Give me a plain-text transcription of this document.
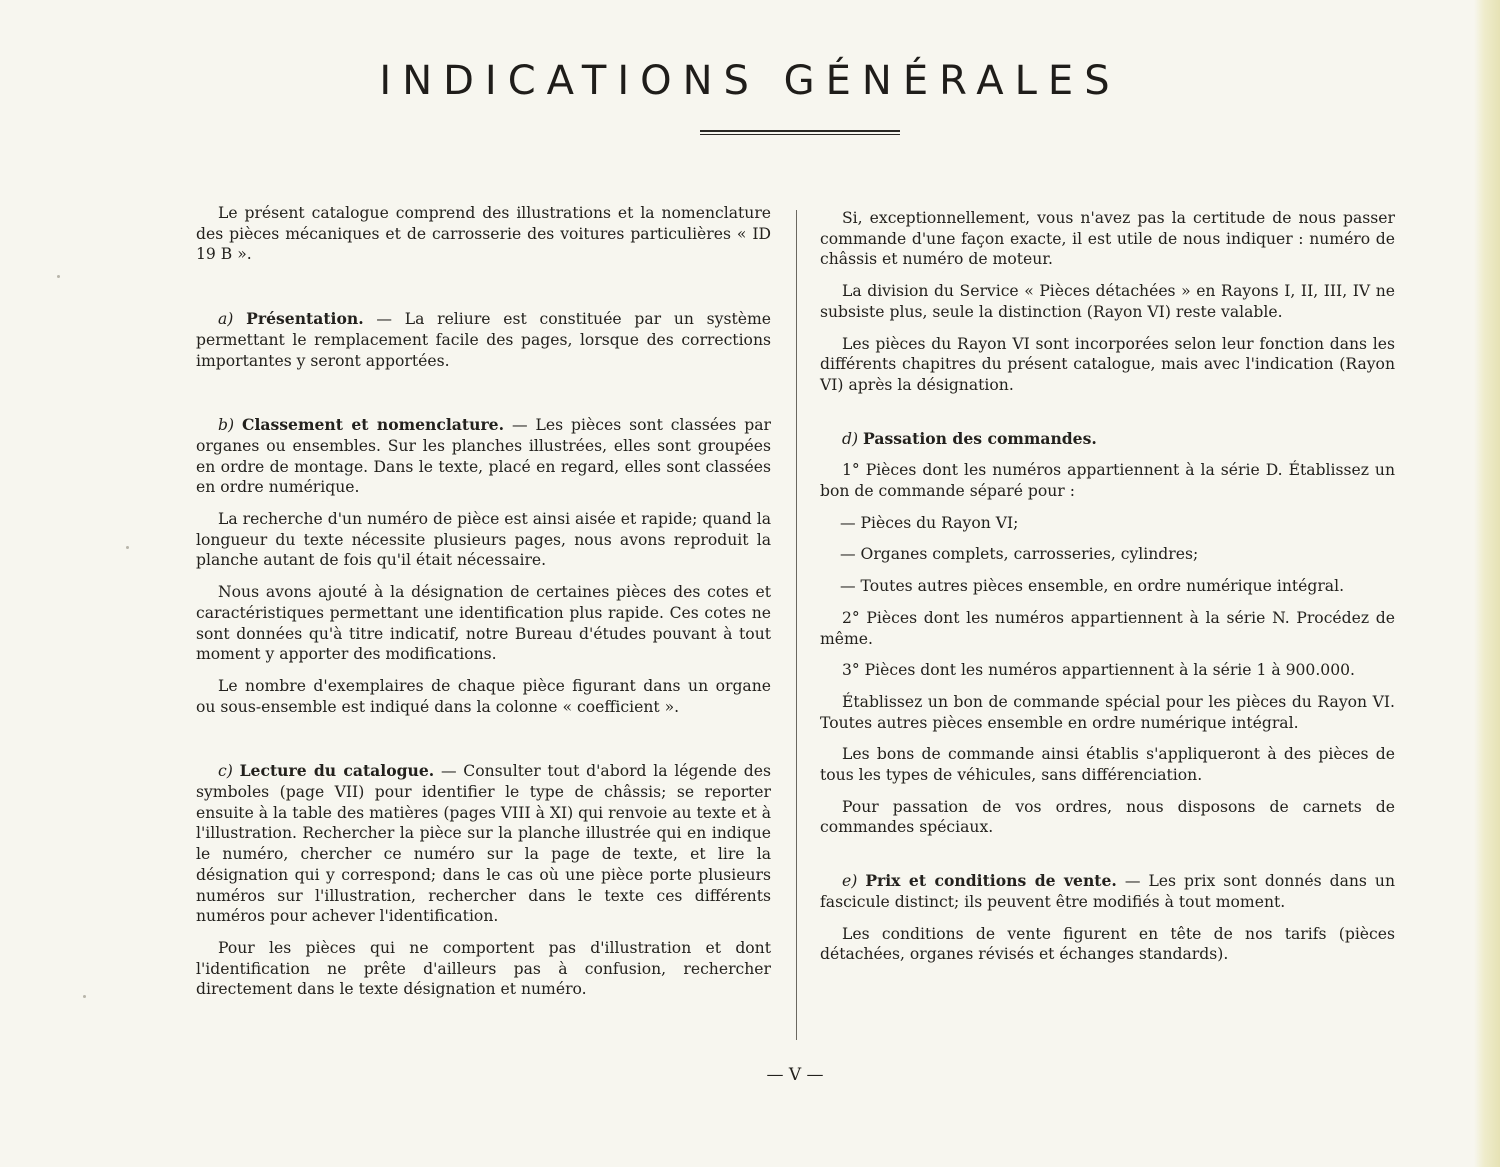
INDICATIONS GÉNÉRALES

Le présent catalogue comprend des illustrations et la nomenclature des pièces mécaniques et de carrosserie des voitures particulières « ID 19 B ».

a) Présentation. — La reliure est constituée par un système permettant le remplacement facile des pages, lorsque des corrections importantes y seront apportées.

b) Classement et nomenclature. — Les pièces sont classées par organes ou ensembles. Sur les planches illustrées, elles sont groupées en ordre de montage. Dans le texte, placé en regard, elles sont classées en ordre numérique.

La recherche d'un numéro de pièce est ainsi aisée et rapide; quand la longueur du texte nécessite plusieurs pages, nous avons reproduit la planche autant de fois qu'il était nécessaire.

Nous avons ajouté à la désignation de certaines pièces des cotes et caractéristiques permettant une identification plus rapide. Ces cotes ne sont données qu'à titre indicatif, notre Bureau d'études pouvant à tout moment y apporter des modifications.

Le nombre d'exemplaires de chaque pièce figurant dans un organe ou sous-ensemble est indiqué dans la colonne « coefficient ».

c) Lecture du catalogue. — Consulter tout d'abord la légende des symboles (page VII) pour identifier le type de châssis; se reporter ensuite à la table des matières (pages VIII à XI) qui renvoie au texte et à l'illustration. Rechercher la pièce sur la planche illustrée qui en indique le numéro, chercher ce numéro sur la page de texte, et lire la désignation qui y correspond; dans le cas où une pièce porte plusieurs numéros sur l'illustration, rechercher dans le texte ces différents numéros pour achever l'identification.

Pour les pièces qui ne comportent pas d'illustration et dont l'identification ne prête d'ailleurs pas à confusion, rechercher directement dans le texte désignation et numéro.

Si, exceptionnellement, vous n'avez pas la certitude de nous passer commande d'une façon exacte, il est utile de nous indiquer : numéro de châssis et numéro de moteur.

La division du Service « Pièces détachées » en Rayons I, II, III, IV ne subsiste plus, seule la distinction (Rayon VI) reste valable.

Les pièces du Rayon VI sont incorporées selon leur fonction dans les différents chapitres du présent catalogue, mais avec l'indication (Rayon VI) après la désignation.

d) Passation des commandes.

1° Pièces dont les numéros appartiennent à la série D. Établissez un bon de commande séparé pour :

— Pièces du Rayon VI;

— Organes complets, carrosseries, cylindres;

— Toutes autres pièces ensemble, en ordre numérique intégral.

2° Pièces dont les numéros appartiennent à la série N. Procédez de même.

3° Pièces dont les numéros appartiennent à la série 1 à 900.000.

Établissez un bon de commande spécial pour les pièces du Rayon VI. Toutes autres pièces ensemble en ordre numérique intégral.

Les bons de commande ainsi établis s'appliqueront à des pièces de tous les types de véhicules, sans différenciation.

Pour passation de vos ordres, nous disposons de carnets de commandes spéciaux.

e) Prix et conditions de vente. — Les prix sont donnés dans un fascicule distinct; ils peuvent être modifiés à tout moment.

Les conditions de vente figurent en tête de nos tarifs (pièces détachées, organes révisés et échanges standards).

— V —
